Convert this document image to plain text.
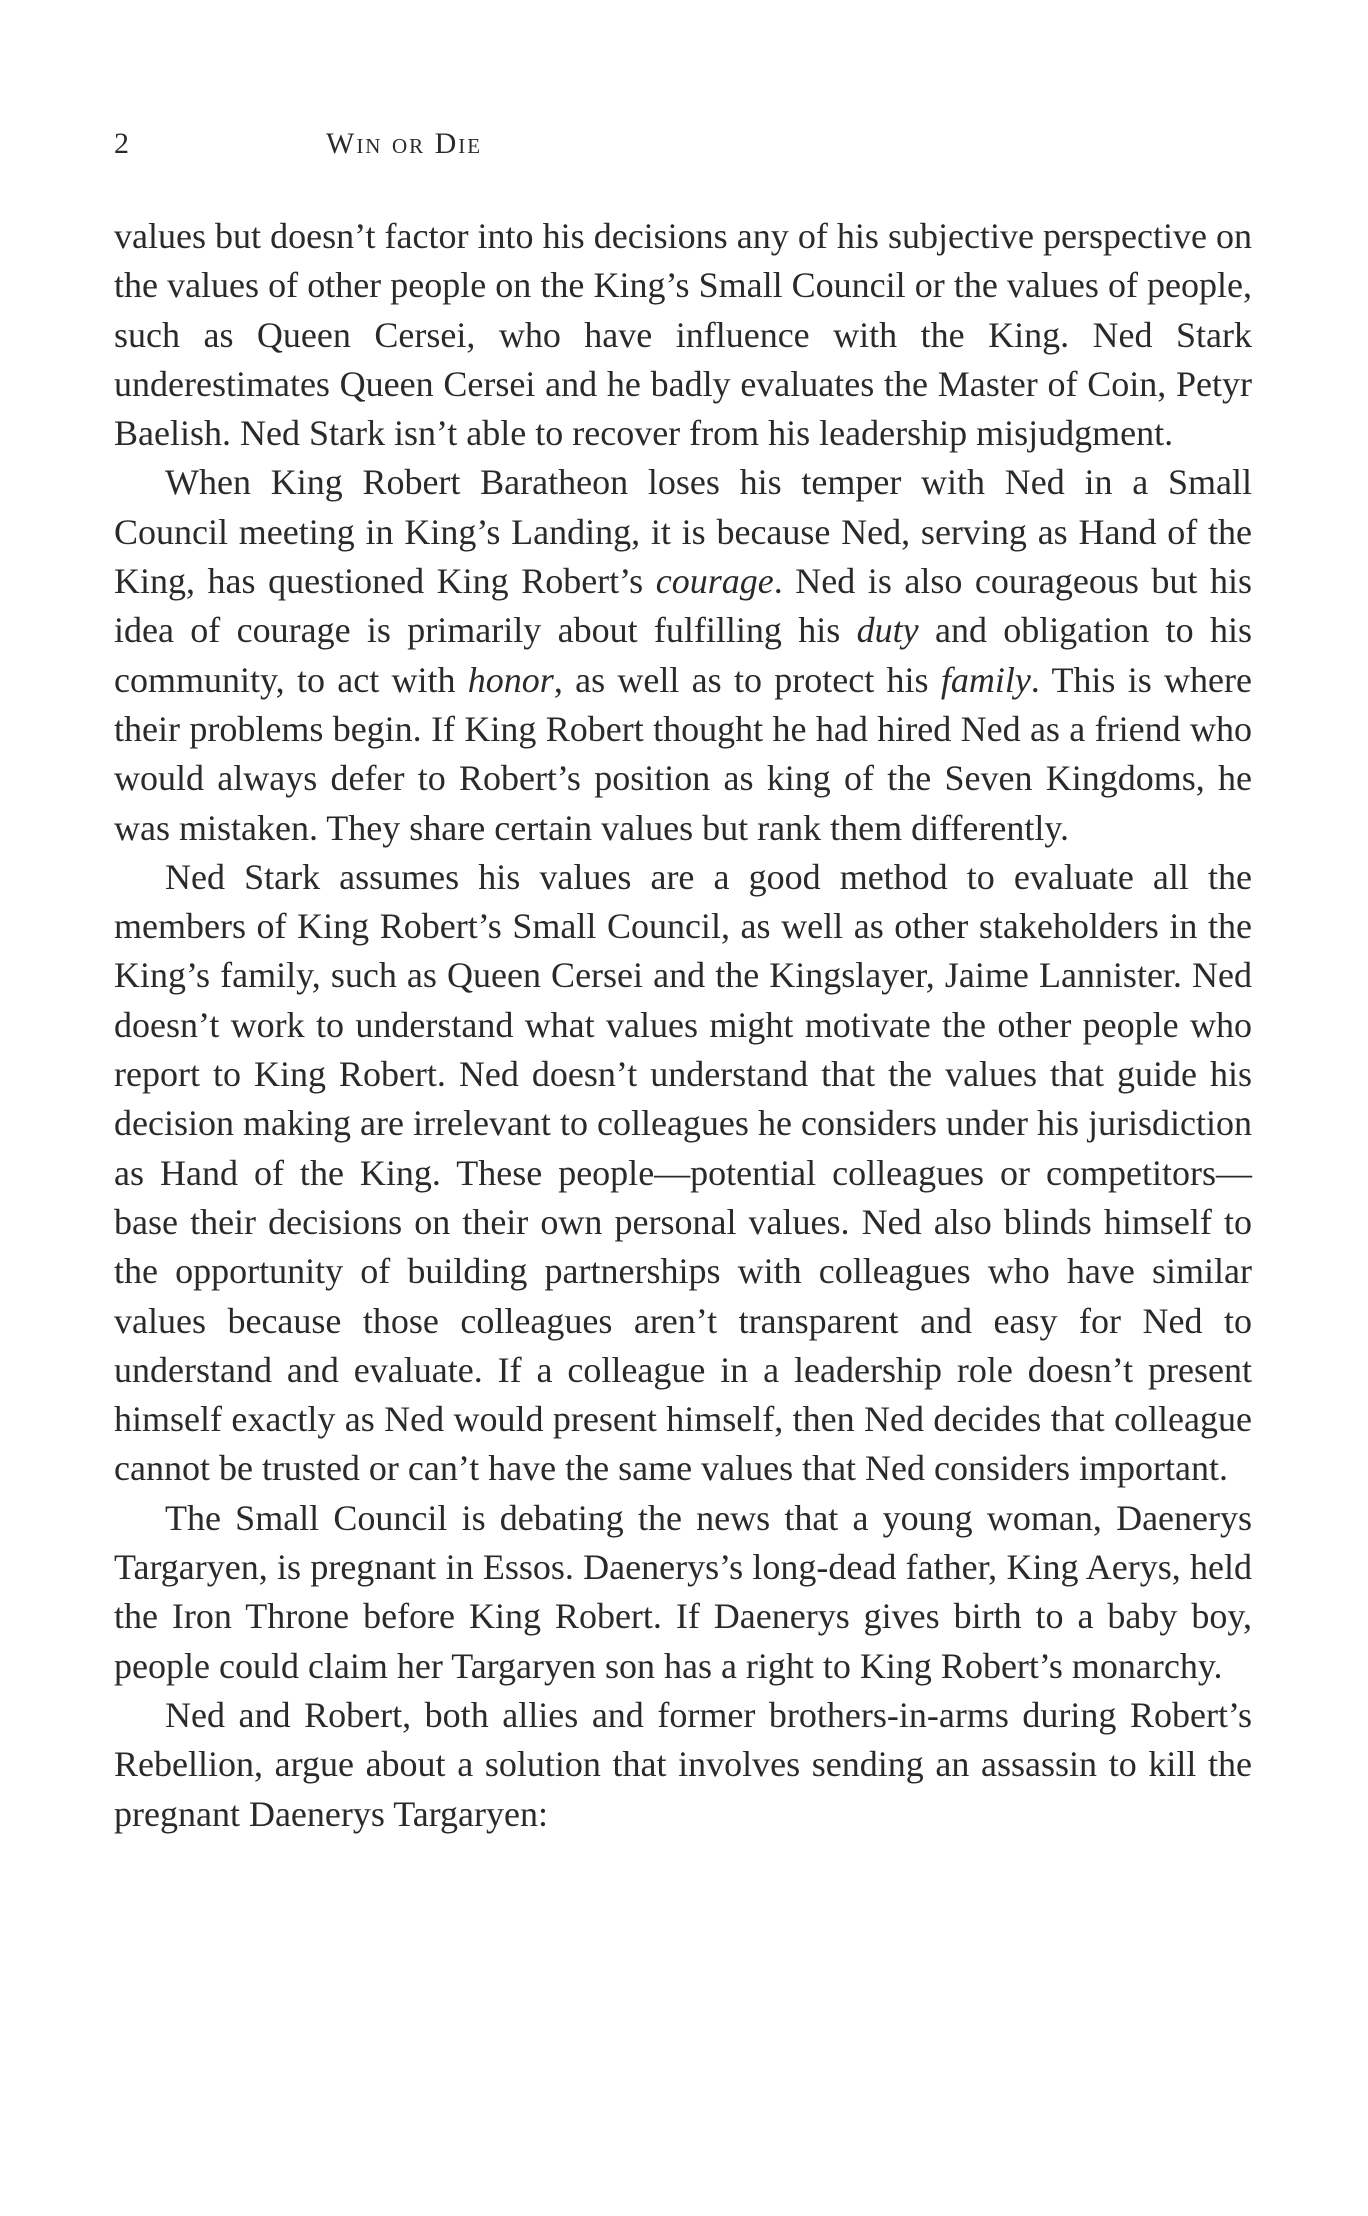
2	Win or Die

values but doesn’t factor into his decisions any of his subjective perspective on the values of other people on the King’s Small Council or the values of people, such as Queen Cersei, who have influence with the King. Ned Stark underestimates Queen Cersei and he badly evaluates the Master of Coin, Petyr Baelish. Ned Stark isn’t able to recover from his leadership misjudgment.

When King Robert Baratheon loses his temper with Ned in a Small Council meeting in King’s Landing, it is because Ned, serving as Hand of the King, has questioned King Robert’s courage. Ned is also courageous but his idea of courage is primarily about fulfilling his duty and obligation to his community, to act with honor, as well as to protect his family. This is where their problems begin. If King Robert thought he had hired Ned as a friend who would always defer to Robert’s position as king of the Seven Kingdoms, he was mistaken. They share certain values but rank them differently.

Ned Stark assumes his values are a good method to evaluate all the members of King Robert’s Small Council, as well as other stakeholders in the King’s family, such as Queen Cersei and the Kingslayer, Jaime Lannister. Ned doesn’t work to understand what values might motivate the other people who report to King Robert. Ned doesn’t understand that the values that guide his decision making are irrelevant to colleagues he considers under his jurisdiction as Hand of the King. These people—potential colleagues or competitors—base their decisions on their own personal values. Ned also blinds himself to the opportunity of building partnerships with colleagues who have similar values because those colleagues aren’t transparent and easy for Ned to understand and evaluate. If a colleague in a leadership role doesn’t present himself exactly as Ned would present himself, then Ned decides that colleague cannot be trusted or can’t have the same values that Ned considers important.

The Small Council is debating the news that a young woman, Daenerys Targaryen, is pregnant in Essos. Daenerys’s long-dead father, King Aerys, held the Iron Throne before King Robert. If Daenerys gives birth to a baby boy, people could claim her Targaryen son has a right to King Robert’s monarchy.

Ned and Robert, both allies and former brothers-in-arms during Robert’s Rebellion, argue about a solution that involves sending an assassin to kill the pregnant Daenerys Targaryen:
